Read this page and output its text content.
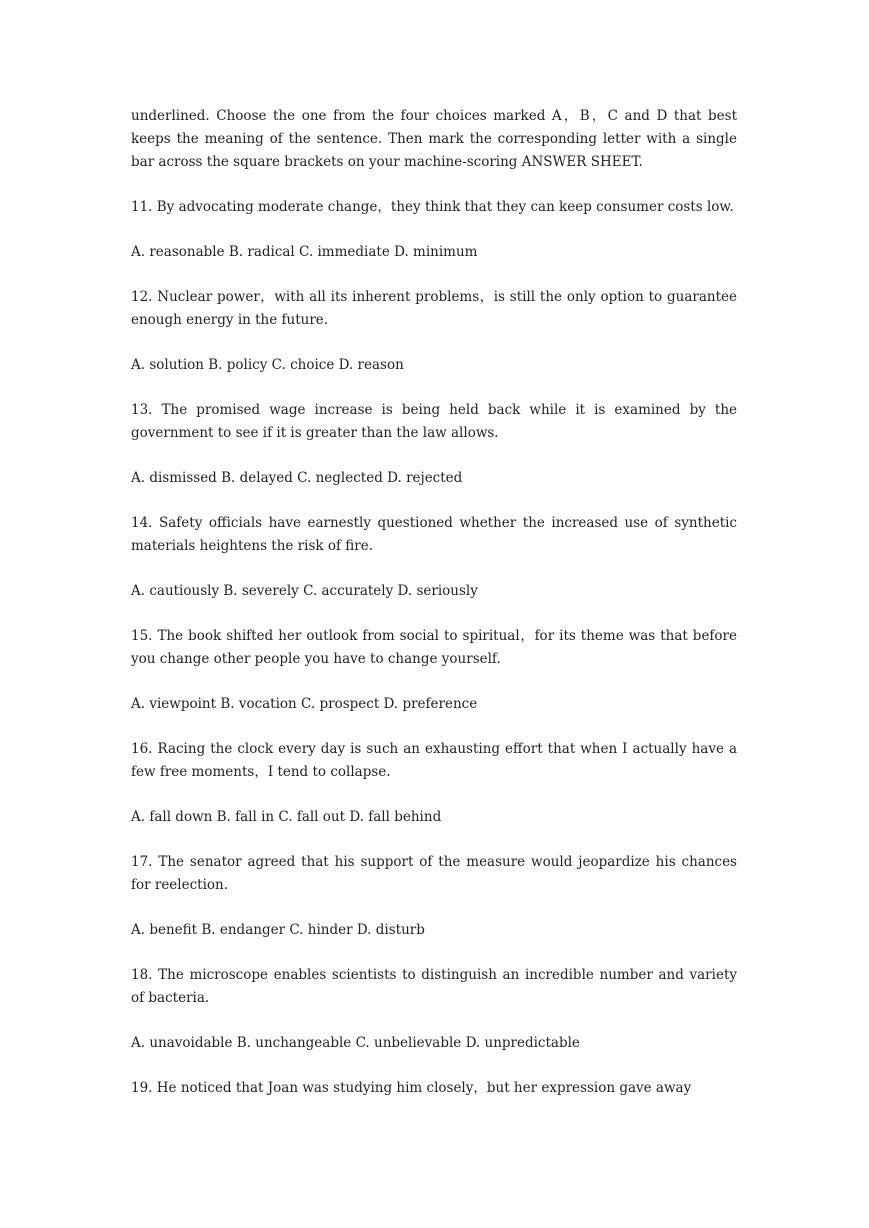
underlined. Choose the one from the four choices marked A，B，C and D that best keeps the meaning of the sentence. Then mark the corresponding letter with a single bar across the square brackets on your machine-scoring ANSWER SHEET.

11. By advocating moderate change，they think that they can keep consumer costs low.

A. reasonable B. radical C. immediate D. minimum

12. Nuclear power，with all its inherent problems，is still the only option to guarantee enough energy in the future.

A. solution B. policy C. choice D. reason

13. The promised wage increase is being held back while it is examined by the government to see if it is greater than the law allows.

A. dismissed B. delayed C. neglected D. rejected

14. Safety officials have earnestly questioned whether the increased use of synthetic materials heightens the risk of fire.

A. cautiously B. severely C. accurately D. seriously

15. The book shifted her outlook from social to spiritual，for its theme was that before you change other people you have to change yourself.

A. viewpoint B. vocation C. prospect D. preference

16. Racing the clock every day is such an exhausting effort that when I actually have a few free moments，I tend to collapse.

A. fall down B. fall in C. fall out D. fall behind

17. The senator agreed that his support of the measure would jeopardize his chances for reelection.

A. benefit B. endanger C. hinder D. disturb

18. The microscope enables scientists to distinguish an incredible number and variety of bacteria.

A. unavoidable B. unchangeable C. unbelievable D. unpredictable

19. He noticed that Joan was studying him closely，but her expression gave away
